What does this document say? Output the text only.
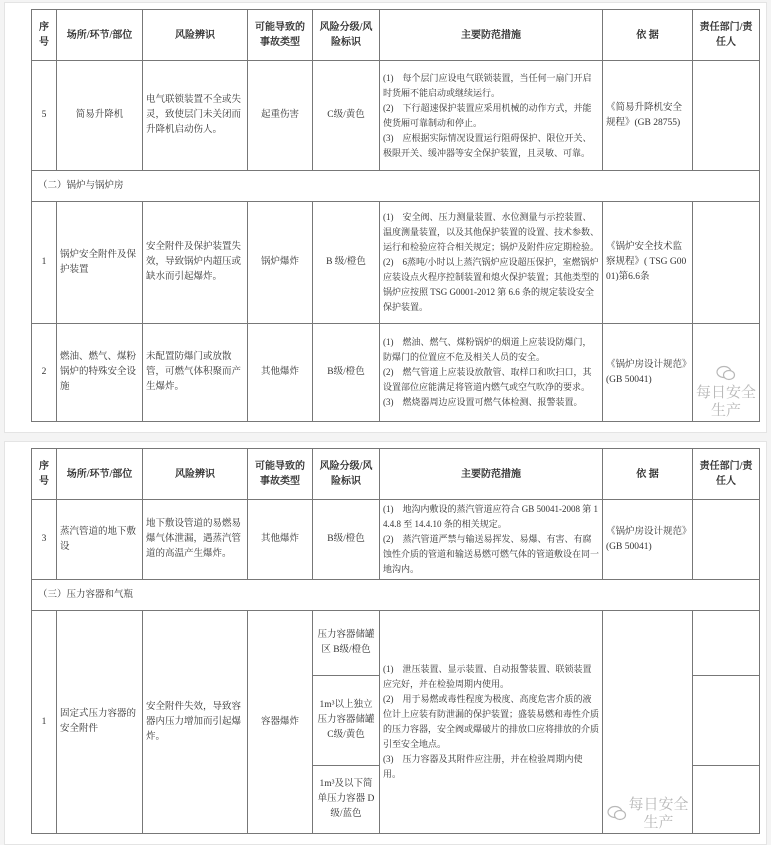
序号	场所/环节/部位	风险辨识	可能导致的事故类型	风险分级/风险标识	主要防范措施	依 据	责任部门/责任人
5	简易升降机	电气联锁装置不全或失灵，致使层门未关闭而升降机启动伤人。	起重伤害	C级/黄色	(1)　每个层门应设电气联锁装置，当任何一扇门开启时货厢不能启动或继续运行。

(2)　下行超速保护装置应采用机械的动作方式，并能使货厢可靠制动和停止。

(3)　应根据实际情况设置运行阻碍保护、限位开关、极限开关、缓冲器等安全保护装置，且灵敏、可靠。	《简易升降机安全规程》(GB 28755)	
（二）锅炉与锅炉房							
1	锅炉安全附件及保护装置	安全附件及保护装置失效，导致锅炉内超压或缺水而引起爆炸。	锅炉爆炸	B 级/橙色	(1)　安全阀、压力测量装置、水位测量与示控装置、温度测量装置，以及其他保护装置的设置、技术参数、运行和检验应符合相关规定；锅炉及附件应定期检验。

(2)　6蒸吨/小时以上蒸汽锅炉应设超压保护，室燃锅炉应装设点火程序控制装置和熄火保护装置；其他类型的锅炉应按照 TSG G0001-2012 第 6.6 条的规定装设安全保护装置。	《锅炉安全技术监察规程》( TSG G0001)第6.6条	
2	燃油、燃气、煤粉锅炉的特殊安全设施	未配置防爆门或放散管，可燃气体积聚而产生爆炸。	其他爆炸	B级/橙色	(1)　燃油、燃气、煤粉锅炉的烟道上应装设防爆门，防爆门的位置应不危及相关人员的安全。

(2)　燃气管道上应装设放散管、取样口和吹扫口，其设置部位应能满足将管道内燃气或空气吹净的要求。

(3)　燃烧器周边应设置可燃气体检测、报警装置。	《锅炉房设计规范》(GB 50041)	每日安全生产
序号	场所/环节/部位	风险辨识	可能导致的事故类型	风险分级/风险标识	主要防范措施	依 据	责任部门/责任人
3	蒸汽管道的地下敷设	地下敷设管道的易燃易爆气体泄漏，遇蒸汽管道的高温产生爆炸。	其他爆炸	B级/橙色	(1)　地沟内敷设的蒸汽管道应符合 GB 50041-2008 第 14.4.8 至 14.4.10 条的相关规定。

(2)　蒸汽管道严禁与输送易挥发、易爆、有害、有腐蚀性介质的管道和输送易燃可燃气体的管道敷设在同一地沟内。	《锅炉房设计规范》(GB 50041)	
（三）压力容器和气瓶							
1	固定式压力容器的安全附件	安全附件失效，导致容器内压力增加而引起爆炸。	容器爆炸	压力容器储罐区 B级/橙色	(1)　泄压装置、显示装置、自动报警装置、联锁装置应完好，并在检验周期内使用。

(2)　用于易燃或毒性程度为极度、高度危害介质的液位计上应装有防泄漏的保护装置；盛装易燃和毒性介质的压力容器，安全阀或爆破片的排放口应将排放的介质引至安全地点。

(3)　压力容器及其附件应注册，并在检验周期内使用。	每日安全生产	

				1m³以上独立压力容器储罐 C级/黄色			
				1m³及以下简单压力容器 D级/蓝色			
